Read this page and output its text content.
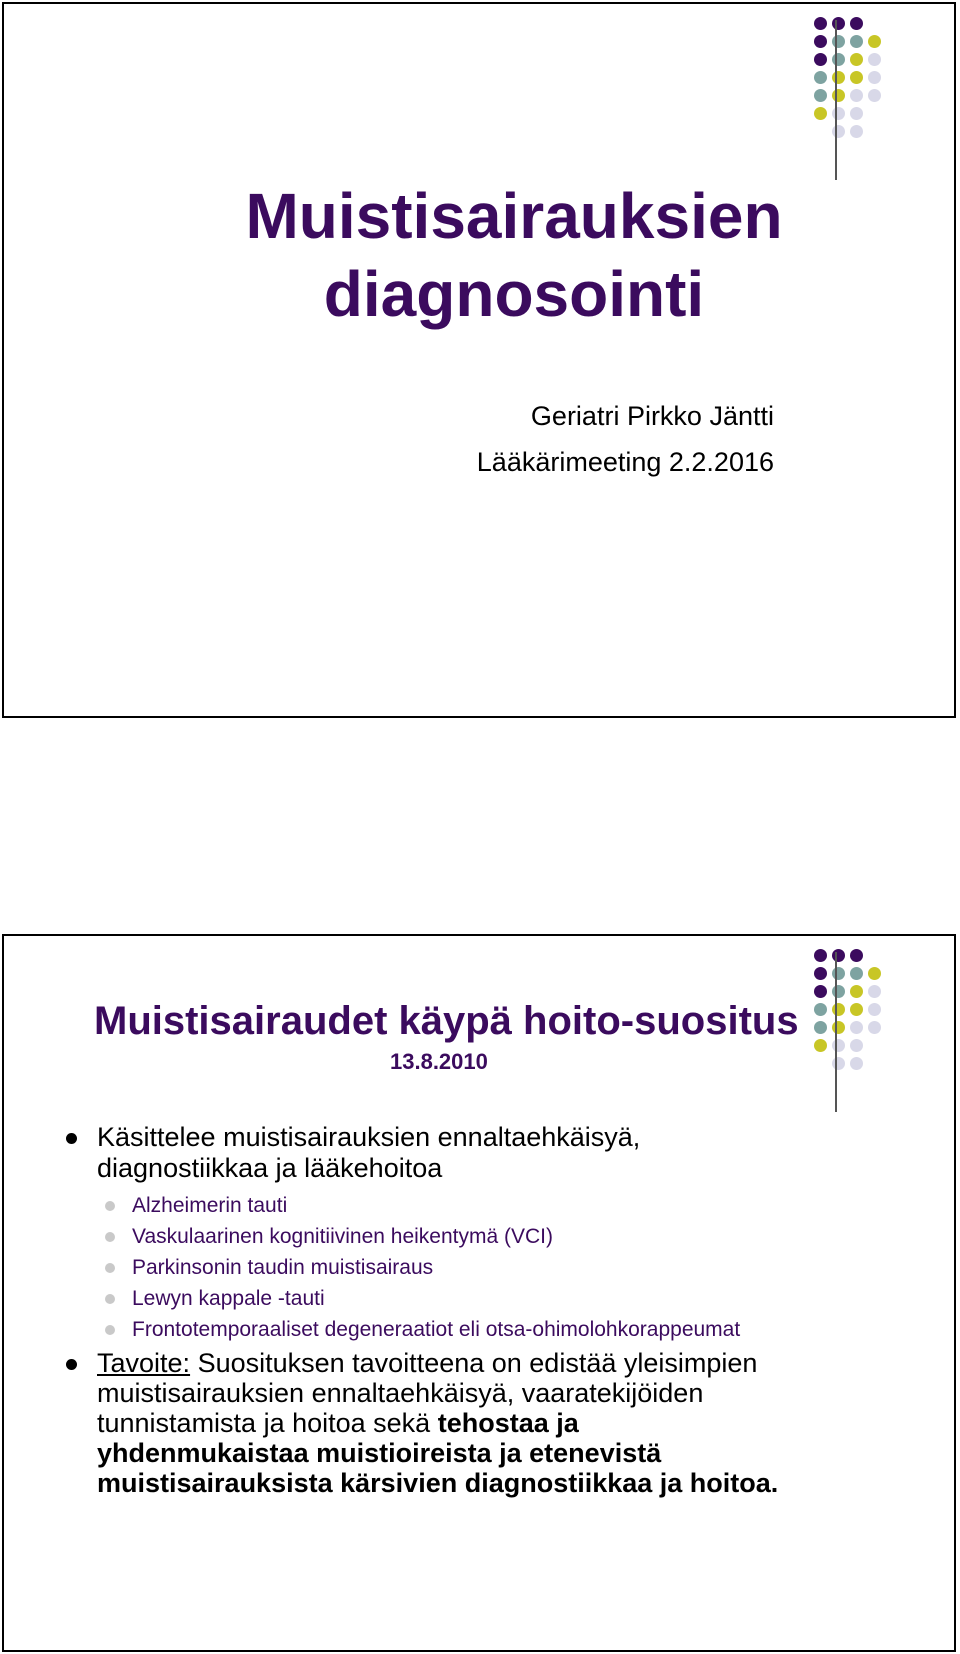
Muistisairauksien
diagnosointi
Geriatri Pirkko Jäntti
Lääkärimeeting 2.2.2016
Muistisairaudet käypä hoito-suositus
13.8.2010
Käsittelee muistisairauksien ennaltaehkäisyä,
diagnostiikkaa ja lääkehoitoa
Alzheimerin tauti
Vaskulaarinen kognitiivinen heikentymä (VCI)
Parkinsonin taudin muistisairaus
Lewyn kappale -tauti
Frontotemporaaliset degeneraatiot eli otsa-ohimolohkorappeumat
Tavoite: Suosituksen tavoitteena on edistää yleisimpien
muistisairauksien ennaltaehkäisyä, vaaratekijöiden
tunnistamista ja hoitoa sekä tehostaa ja
yhdenmukaistaa muistioireista ja etenevistä
muistisairauksista kärsivien diagnostiikkaa ja hoitoa.
